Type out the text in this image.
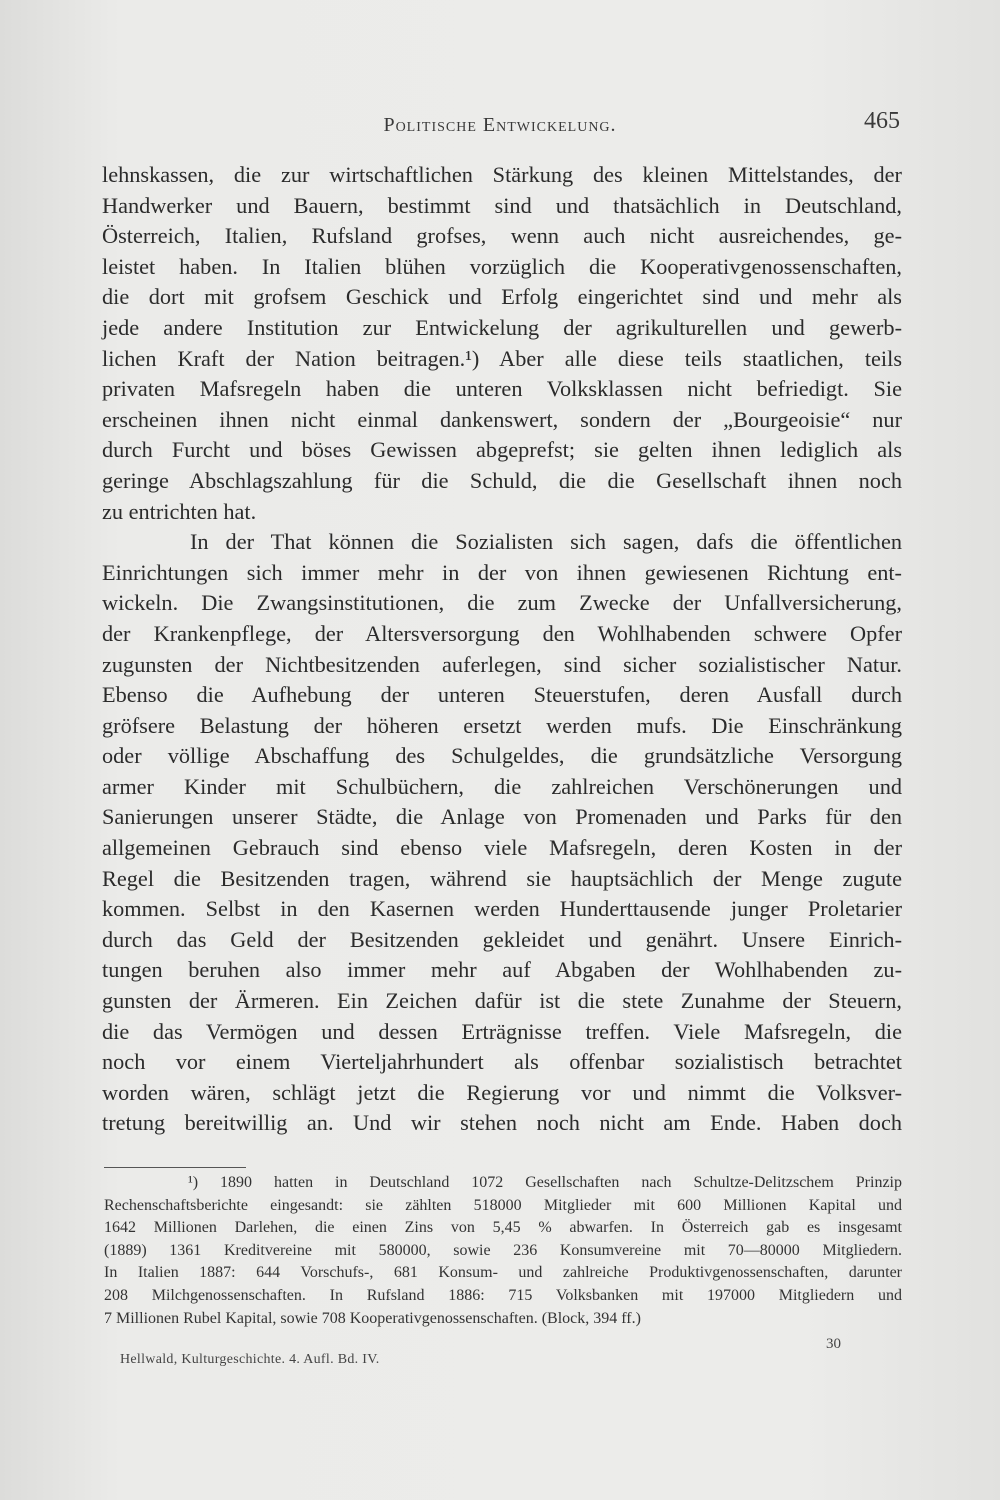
Politische Entwickelung.	465
lehnskassen, die zur wirtschaftlichen Stärkung des kleinen Mittelstandes, der
Handwerker und Bauern, bestimmt sind und thatsächlich in Deutschland,
Österreich, Italien, Rufsland grofses, wenn auch nicht ausreichendes, ge-
leistet haben. In Italien blühen vorzüglich die Kooperativgenossenschaften,
die dort mit grofsem Geschick und Erfolg eingerichtet sind und mehr als
jede andere Institution zur Entwickelung der agrikulturellen und gewerb-
lichen Kraft der Nation beitragen.¹) Aber alle diese teils staatlichen, teils
privaten Mafsregeln haben die unteren Volksklassen nicht befriedigt. Sie
erscheinen ihnen nicht einmal dankenswert, sondern der „Bourgeoisie“ nur
durch Furcht und böses Gewissen abgeprefst; sie gelten ihnen lediglich als
geringe Abschlagszahlung für die Schuld, die die Gesellschaft ihnen noch
zu entrichten hat.
In der That können die Sozialisten sich sagen, dafs die öffentlichen
Einrichtungen sich immer mehr in der von ihnen gewiesenen Richtung ent-
wickeln. Die Zwangsinstitutionen, die zum Zwecke der Unfallversicherung,
der Krankenpflege, der Altersversorgung den Wohlhabenden schwere Opfer
zugunsten der Nichtbesitzenden auferlegen, sind sicher sozialistischer Natur.
Ebenso die Aufhebung der unteren Steuerstufen, deren Ausfall durch
gröfsere Belastung der höheren ersetzt werden mufs. Die Einschränkung
oder völlige Abschaffung des Schulgeldes, die grundsätzliche Versorgung
armer Kinder mit Schulbüchern, die zahlreichen Verschönerungen und
Sanierungen unserer Städte, die Anlage von Promenaden und Parks für den
allgemeinen Gebrauch sind ebenso viele Mafsregeln, deren Kosten in der
Regel die Besitzenden tragen, während sie hauptsächlich der Menge zugute
kommen. Selbst in den Kasernen werden Hunderttausende junger Proletarier
durch das Geld der Besitzenden gekleidet und genährt. Unsere Einrich-
tungen beruhen also immer mehr auf Abgaben der Wohlhabenden zu-
gunsten der Ärmeren. Ein Zeichen dafür ist die stete Zunahme der Steuern,
die das Vermögen und dessen Erträgnisse treffen. Viele Mafsregeln, die
noch vor einem Vierteljahrhundert als offenbar sozialistisch betrachtet
worden wären, schlägt jetzt die Regierung vor und nimmt die Volksver-
tretung bereitwillig an. Und wir stehen noch nicht am Ende. Haben doch
¹) 1890 hatten in Deutschland 1072 Gesellschaften nach Schultze-Delitzschem Prinzip
Rechenschaftsberichte eingesandt: sie zählten 518000 Mitglieder mit 600 Millionen Kapital und
1642 Millionen Darlehen, die einen Zins von 5,45 % abwarfen. In Österreich gab es insgesamt
(1889) 1361 Kreditvereine mit 580000, sowie 236 Konsumvereine mit 70—80000 Mitgliedern.
In Italien 1887: 644 Vorschufs-, 681 Konsum- und zahlreiche Produktivgenossenschaften, darunter
208 Milchgenossenschaften. In Rufsland 1886: 715 Volksbanken mit 197000 Mitgliedern und
7 Millionen Rubel Kapital, sowie 708 Kooperativgenossenschaften. (Block, 394 ff.)
30
Hellwald, Kulturgeschichte. 4. Aufl. Bd. IV.
